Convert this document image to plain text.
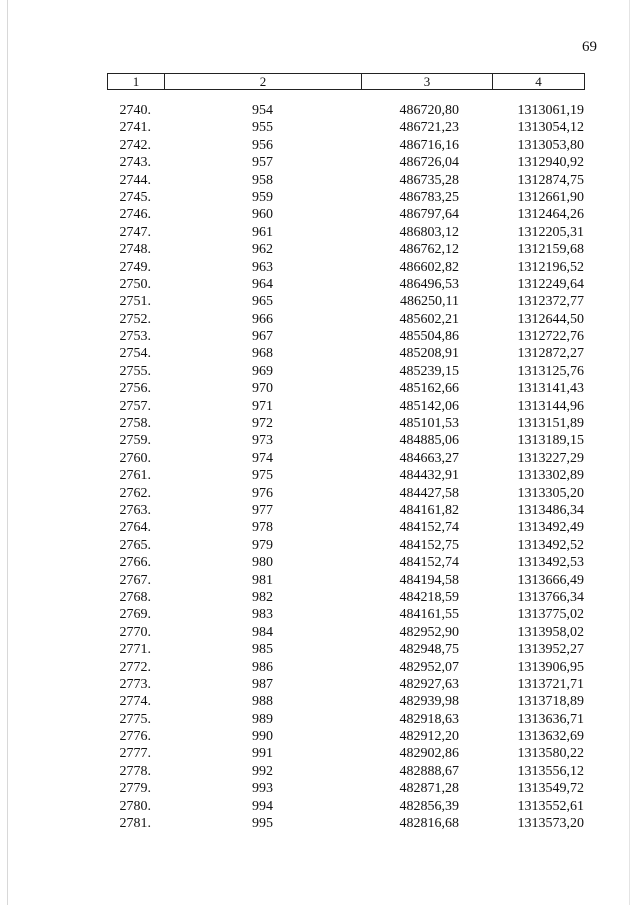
69
1	2	3	4
2740.	954	486720,80	1313061,19
2741.	955	486721,23	1313054,12
2742.	956	486716,16	1313053,80
2743.	957	486726,04	1312940,92
2744.	958	486735,28	1312874,75
2745.	959	486783,25	1312661,90
2746.	960	486797,64	1312464,26
2747.	961	486803,12	1312205,31
2748.	962	486762,12	1312159,68
2749.	963	486602,82	1312196,52
2750.	964	486496,53	1312249,64
2751.	965	486250,11	1312372,77
2752.	966	485602,21	1312644,50
2753.	967	485504,86	1312722,76
2754.	968	485208,91	1312872,27
2755.	969	485239,15	1313125,76
2756.	970	485162,66	1313141,43
2757.	971	485142,06	1313144,96
2758.	972	485101,53	1313151,89
2759.	973	484885,06	1313189,15
2760.	974	484663,27	1313227,29
2761.	975	484432,91	1313302,89
2762.	976	484427,58	1313305,20
2763.	977	484161,82	1313486,34
2764.	978	484152,74	1313492,49
2765.	979	484152,75	1313492,52
2766.	980	484152,74	1313492,53
2767.	981	484194,58	1313666,49
2768.	982	484218,59	1313766,34
2769.	983	484161,55	1313775,02
2770.	984	482952,90	1313958,02
2771.	985	482948,75	1313952,27
2772.	986	482952,07	1313906,95
2773.	987	482927,63	1313721,71
2774.	988	482939,98	1313718,89
2775.	989	482918,63	1313636,71
2776.	990	482912,20	1313632,69
2777.	991	482902,86	1313580,22
2778.	992	482888,67	1313556,12
2779.	993	482871,28	1313549,72
2780.	994	482856,39	1313552,61
2781.	995	482816,68	1313573,20
